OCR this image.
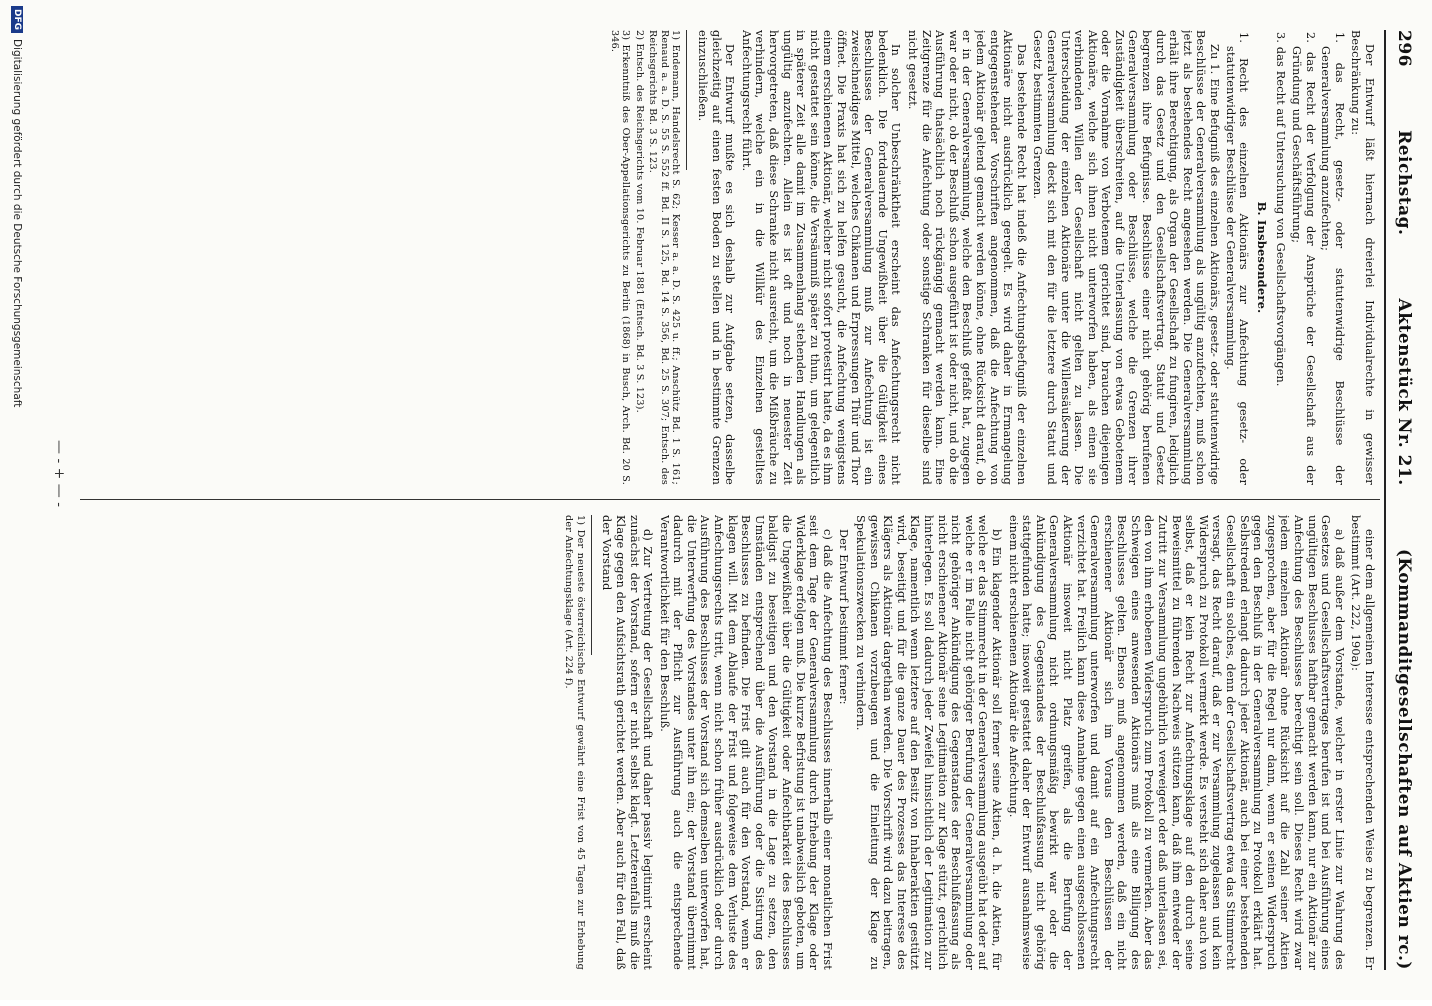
296
Reichstag.
Aktenstück Nr. 21.
(Kommanditgesellschaften auf Aktien rc.)

Der Entwurf läßt hiernach dreierlei Individualrechte in gewisser Beschränkung zu:

1. das Recht, gesetz- oder statutenwidrige Beschlüsse der Generalversammlung anzufechten;
2. das Recht der Verfolgung der Ansprüche der Gesellschaft aus der Gründung und Geschäftsführung;
3. das Recht auf Untersuchung von Gesellschaftsvorgängen.
B. Insbesondere.
1. Recht des einzelnen Aktionärs zur Anfechtung gesetz- oder statutenwidriger Beschlüsse der Generalversammlung.

Zu 1. Eine Befugniß des einzelnen Aktionärs, gesetz- oder statutenwidrige Beschlüsse der Generalversammlung als ungültig anzufechten, muß schon jetzt als bestehendes Recht angesehen werden. Die Generalversammlung erhält ihre Berechtigung, als Organ der Gesellschaft zu fungiren, lediglich durch das Gesetz und den Gesellschaftsvertrag. Statut und Gesetz begrenzen ihre Befugnisse. Beschlüsse einer nicht gehörig berufenen Generalversammlung oder Beschlüsse, welche die Grenzen ihrer Zuständigkeit überschreiten, auf die Unterlassung von etwas Gebotenem oder die Vornahme von Verbotenem gerichtet sind, brauchen diejenigen Aktionäre, welche sich ihnen nicht unterworfen haben, als einen sie verbindenden Willen der Gesellschaft nicht gelten zu lassen. Die Unterscheidung der einzelnen Aktionäre unter die Willensäußerung der Generalversammlung deckt sich mit den für die letztere durch Statut und Gesetz bestimmten Grenzen.

Das bestehende Recht hat indeß die Anfechtungsbefugniß der einzelnen Aktionäre nicht ausdrücklich geregelt. Es wird daher in Ermangelung entgegenstehender Vorschriften angenommen, daß die Anfechtung von jedem Aktionär geltend gemacht werden könne, ohne Rücksicht darauf, ob er in der Generalversammlung, welche den Beschluß gefaßt hat, zugegen war oder nicht, ob der Beschluß schon ausgeführt ist oder nicht, und ob die Ausführung thatsächlich noch rückgängig gemacht werden kann. Eine Zeitgrenze für die Anfechtung oder sonstige Schranken für dieselbe sind nicht gesetzt.

In solcher Unbeschränktheit erscheint das Anfechtungsrecht nicht bedenklich. Die fortdauernde Ungewißheit über die Gültigkeit eines Beschlusses der Generalversammlung muß zur Anfechtung ist ein zweischneidiges Mittel, welches Chikanen und Erpressungen Thür und Thor öffnet. Die Praxis hat sich zu helfen gesucht, die Anfechtung wenigstens einem erschienenen Aktionär, welcher nicht sofort protestirt hatte, da es ihm nicht gestattet sein könne, die Versäumniß später zu thun, um gelegentlich in späterer Zeit alle damit im Zusammenhang stehenden Handlungen als ungültig anzufechten. Allein es ist oft und noch in neuester Zeit hervorgetreten, daß diese Schranke nicht ausreicht, um die Mißbräuche zu verhindern, welche ein in die Willkür des Einzelnen gestelltes Anfechtungsrecht führt.

Der Entwurf mußte es sich deshalb zur Aufgabe setzen, dasselbe gleichzeitig auf einen festen Boden zu stellen und in bestimmte Grenzen einzuschließen.

1) Endemann, Handelsrecht S. 62; Kesser a. a. D. S. 425 u. ff.; Anschütz Bd. 1 S. 161; Renaud a. a. D. S. 55 S. 552 ff. Bd. II S. 125, Bd. 14 S. 356, Bd. 25 S. 307; Entsch. des Reichsgerichts Bd. 3 S. 123.
2) Entsch. des Reichsgerichts vom 10. Februar 1881 (Entsch. Bd. 3 S. 123).
3) Erkenntniß des Ober-Appellationsgerichts zu Berlin (1868) in Busch, Arch. Bd. 20 S. 346.

einer dem allgemeinen Interesse entsprechenden Weise zu begrenzen. Er bestimmt (Art. 222, 190a):

a) daß außer dem Vorstande, welcher in erster Linie zur Wahrung des Gesetzes und Gesellschaftsvertrages berufen ist und bei Ausführung eines ungültigen Beschlusses haftbar gemacht werden kann, nur ein Aktionär zur Anfechtung des Beschlusses berechtigt sein soll. Dieses Recht wird zwar jedem einzelnen Aktionär ohne Rücksicht auf die Zahl seiner Aktien zugesprochen, aber für die Regel nur dann, wenn er seinen Widerspruch gegen den Beschluß in der Generalversammlung zu Protokoll erklärt hat. Selbstredend erlangt dadurch jeder Aktionär, auch bei einer bestehenden Gesellschaft ein solches, denn der Gesellschaftsvertrag etwa das Stimmrecht versagt, das Recht darauf, daß er zur Versammlung zugelassen und kein Widerspruch zu Protokoll vermerkt werde. Es versteht sich daher auch von selbst, daß er kein Recht zur Anfechtungsklage auf den durch seine Beweismittel zu führenden Nachweis stützen kann, daß ihm entweder der Zutritt zur Versammlung ungebührlich verweigert oder daß unterlassen sei, den von ihm erhobenen Widerspruch zum Protokoll zu vermerken. Aber das Schweigen eines anwesenden Aktionärs muß als eine Billigung des Beschlusses gelten. Ebenso muß angenommen werden, daß ein nicht erschienener Aktionär sich im Voraus den Beschlüssen der Generalversammlung unterworfen und damit auf ein Anfechtungsrecht verzichtet hat. Freilich kann diese Annahme gegen einen ausgeschlossenen Aktionär insoweit nicht Platz greifen, als die Berufung der Generalversammlung nicht ordnungsmäßig bewirkt war oder die Ankündigung des Gegenstandes der Beschlußfassung nicht gehörig stattgefunden hatte; insoweit gestattet daher der Entwurf ausnahmsweise einem nicht erschienenen Aktionär die Anfechtung.

b) Ein klagender Aktionär soll ferner seine Aktien, d. h. die Aktien, für welche er das Stimmrecht in der Generalversammlung ausgeübt hat oder auf welche er im Falle nicht gehöriger Berufung der Generalversammlung oder nicht gehöriger Ankündigung des Gegenstandes der Beschlußfassung als nicht erschienener Aktionär seine Legitimation zur Klage stützt, gerichtlich hinterlegen. Es soll dadurch jeder Zweifel hinsichtlich der Legitimation zur Klage, namentlich wenn letztere auf den Besitz von Inhaberaktien gestützt wird, beseitigt und für die ganze Dauer des Prozesses das Interesse des Klägers als Aktionär dargethan werden. Die Vorschrift wird dazu beitragen, gewissen Chikanen vorzubeugen und die Einleitung der Klage zu Spekulationszwecken zu verhindern.

Der Entwurf bestimmt ferner:

c) daß die Anfechtung des Beschlusses innerhalb einer monatlichen Frist seit dem Tage der Generalversammlung durch Erhebung der Klage oder Widerklage erfolgen muß. Die kurze Befristung ist unabweislich geboten, um die Ungewißheit über die Gültigkeit oder Anfechtbarkeit des Beschlusses baldigst zu beseitigen und den Vorstand in die Lage zu setzen, den Umständen entsprechend über die Ausführung oder die Sistirung des Beschlusses zu befinden. Die Frist gilt auch für den Vorstand, wenn er klagen will. Mit dem Ablaufe der Frist und folgeweise dem Verluste des Anfechtungsrechts tritt, wenn nicht schon früher ausdrücklich oder durch Ausführung des Beschlusses der Vorstand sich demselben unterworfen hat, die Unterwerfung des Vorstandes unter ihn ein; der Vorstand übernimmt dadurch mit der Pflicht zur Ausführung auch die entsprechende Verantwortlichkeit für den Beschluß.

d) Zur Vertretung der Gesellschaft und daher passiv legitimirt erscheint zunächst der Vorstand, sofern er nicht selbst klagt. Letzterenfalls muß die Klage gegen den Aufsichtsrath gerichtet werden. Aber auch für den Fall, daß der Vorstand

1) Der neueste österreichische Entwurf gewährt eine Frist von 45 Tagen zur Erhebung der Anfechtungsklage (Art. 224 f).
— ‑ + — ‑
DFG
Digitalisierung gefördert durch die Deutsche Forschungsgemeinschaft
